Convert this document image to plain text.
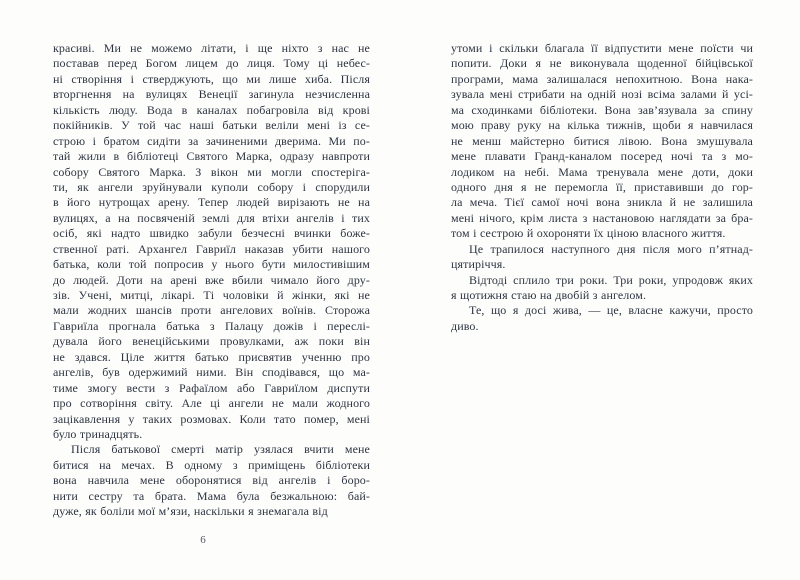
красиві. Ми не можемо літати, і ще ніхто з нас не
поставав перед Богом лицем до лиця. Тому ці небес-
ні створіння і стверджують, що ми лише хиба. Після
вторгнення на вулицях Венеції загинула незчисленна
кількість люду. Вода в каналах побагровіла від крові
покійників. У той час наші батьки веліли мені із се-
строю і братом сидіти за зачиненими дверима. Ми по-
тай жили в бібліотеці Святого Марка, одразу навпроти
собору Святого Марка. З вікон ми могли спостеріга-
ти, як ангели зруйнували куполи собору і спорудили
в його нутрощах арену. Тепер людей вирізають не на
вулицях, а на посвяченій землі для втіхи ангелів і тих
осіб, які надто швидко забули безчесні вчинки боже-
ственної раті. Архангел Гавриїл наказав убити нашого
батька, коли той попросив у нього бути милостивішим
до людей. Доти на арені вже вбили чимало його дру-
зів. Учені, митці, лікарі. Ті чоловіки й жінки, які не
мали жодних шансів проти ангелових воїнів. Сторожа
Гавриїла прогнала батька з Палацу дожів і переслі-
дувала його венеційськими провулками, аж поки він
не здався. Ціле життя батько присвятив ученню про
ангелів, був одержимий ними. Він сподівався, що ма-
тиме змогу вести з Рафаїлом або Гавриїлом диспути
про сотворіння світу. Але ці ангели не мали жодного
зацікавлення у таких розмовах. Коли тато помер, мені
було тринадцять.
Після батькової смерті матір узялася вчити мене
битися на мечах. В одному з приміщень бібліотеки
вона навчила мене оборонятися від ангелів і боро-
нити сестру та брата. Мама була безжальною: бай-
дуже, як боліли мої м’язи, наскільки я знемагала від
утоми і скільки благала її відпустити мене поїсти чи
попити. Доки я не виконувала щоденної бійцівської
програми, мама залишалася непохитною. Вона нака-
зувала мені стрибати на одній нозі всіма залами й усі-
ма сходинками бібліотеки. Вона зав’язувала за спину
мою праву руку на кілька тижнів, щоби я навчилася
не менш майстерно битися лівою. Вона змушувала
мене плавати Гранд-каналом посеред ночі та з мо-
лодиком на небі. Мама тренувала мене доти, доки
одного дня я не перемогла її, приставивши до гор-
ла меча. Тієї самої ночі вона зникла й не залишила
мені нічого, крім листа з настановою наглядати за бра-
том і сестрою й охороняти їх ціною власного життя.
Це трапилося наступного дня після мого п’ятнад-
цятиріччя.
Відтоді сплило три роки. Три роки, упродовж яких
я щотижня стаю на двобій з ангелом.
Те, що я досі жива, — це, власне кажучи, просто
диво.
6
